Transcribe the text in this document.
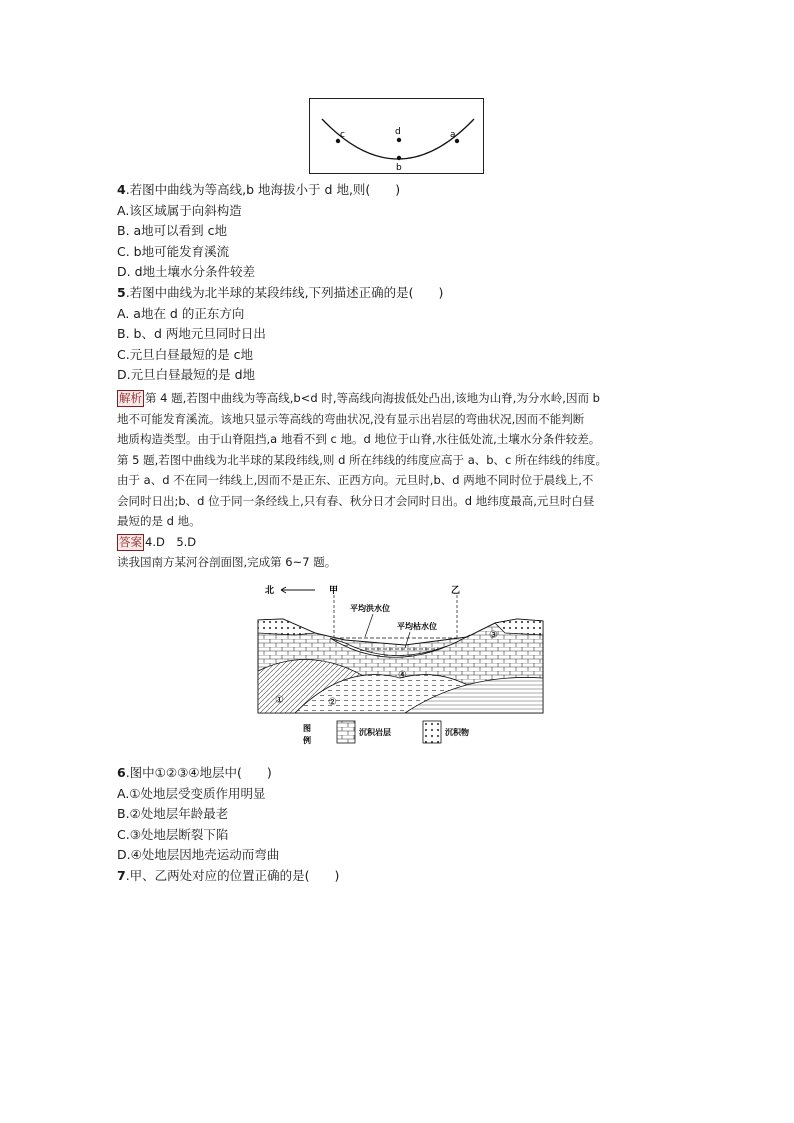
c	d	a
b
4.若图中曲线为等高线,b 地海拔小于 d 地,则(　　)
A.该区域属于向斜构造
B. a地可以看到 c地
C. b地可能发育溪流
D. d地土壤水分条件较差
5.若图中曲线为北半球的某段纬线,下列描述正确的是(　　)
A. a地在 d 的正东方向
B. b、d 两地元旦同时日出
C.元旦白昼最短的是 c地
D.元旦白昼最短的是 d地
解析 第 4 题,若图中曲线为等高线,b<d 时,等高线向海拔低处凸出,该地为山脊,为分水岭,因而 b
地不可能发育溪流。该地只显示等高线的弯曲状况,没有显示出岩层的弯曲状况,因而不能判断
地质构造类型。由于山脊阻挡,a 地看不到 c 地。d 地位于山脊,水往低处流,土壤水分条件较差。
第 5 题,若图中曲线为北半球的某段纬线,则 d 所在纬线的纬度应高于 a、b、c 所在纬线的纬度。
由于 a、d 不在同一纬线上,因而不是正东、正西方向。元旦时,b、d 两地不同时位于晨线上,不
会同时日出;b、d 位于同一条经线上,只有春、秋分日才会同时日出。d 地纬度最高,元旦时白昼
最短的是 d 地。
答案 4.D　5.D
读我国南方某河谷剖面图,完成第 6~7 题。
北	甲	乙
平均洪水位
平均枯水位
①	②
③
④
图
例
沉积岩层	沉积物
6.图中①②③④地层中(　　)
A.①处地层受变质作用明显
B.②处地层年龄最老
C.③处地层断裂下陷
D.④处地层因地壳运动而弯曲
7.甲、乙两处对应的位置正确的是(　　)
